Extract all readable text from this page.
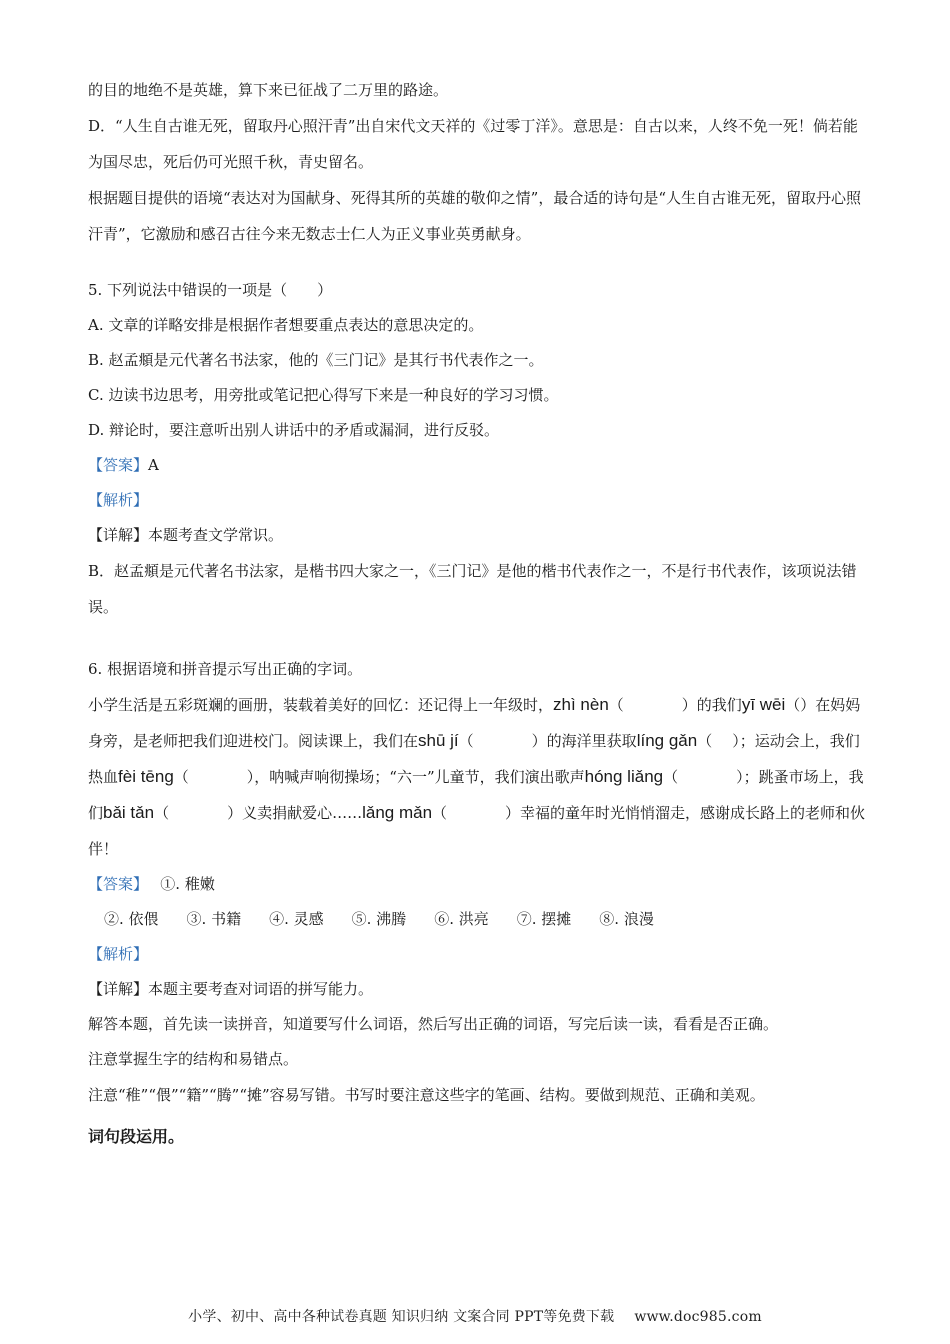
的目的地绝不是英雄，算下来已征战了二万里的路途。

D．“人生自古谁无死，留取丹心照汗青”出自宋代文天祥的《过零丁洋》。意思是：自古以来，人终不免一死！倘若能为国尽忠，死后仍可光照千秋，青史留名。

根据题目提供的语境“表达对为国献身、死得其所的英雄的敬仰之情”，最合适的诗句是“人生自古谁无死，留取丹心照汗青”，它激励和感召古往今来无数志士仁人为正义事业英勇献身。

5. 下列说法中错误的一项是（　　）

A. 文章的详略安排是根据作者想要重点表达的意思决定的。

B. 赵孟頫是元代著名书法家，他的《三门记》是其行书代表作之一。

C. 边读书边思考，用旁批或笔记把心得写下来是一种良好的学习习惯。

D. 辩论时，要注意听出别人讲话中的矛盾或漏洞，进行反驳。

【答案】A

【解析】

【详解】本题考查文学常识。

B．赵孟頫是元代著名书法家，是楷书四大家之一，《三门记》是他的楷书代表作之一，不是行书代表作，该项说法错误。

6. 根据语境和拼音提示写出正确的字词。

小学生活是五彩斑斓的画册，装载着美好的回忆：还记得上一年级时，zhì nèn（	）的我们yī wēi（）在妈妈身旁，是老师把我们迎进校门。阅读课上，我们在shū jí（	）的海洋里获取líng gǎn（ ）；运动会上，我们热血fèi tēng（	），呐喊声响彻操场；“六一”儿童节，我们演出歌声hóng liǎng（	）；跳蚤市场上，我们bǎi tǎn（	）义卖捐献爱心……lǎng mǎn（	）幸福的童年时光悄悄溜走，感谢成长路上的老师和伙伴！

【答案】　 ①. 稚嫩

②. 依偎 ③. 书籍 ④. 灵感 ⑤. 沸腾 ⑥. 洪亮 ⑦. 摆摊 ⑧. 浪漫

【解析】

【详解】本题主要考查对词语的拼写能力。

解答本题，首先读一读拼音，知道要写什么词语，然后写出正确的词语，写完后读一读，看看是否正确。

注意掌握生字的结构和易错点。

注意“稚”“偎”“籍”“腾”“摊”容易写错。书写时要注意这些字的笔画、结构。要做到规范、正确和美观。

词句段运用。

小学、初中、高中各种试卷真题 知识归纳 文案合同 PPT等免费下载 www.doc985.com
